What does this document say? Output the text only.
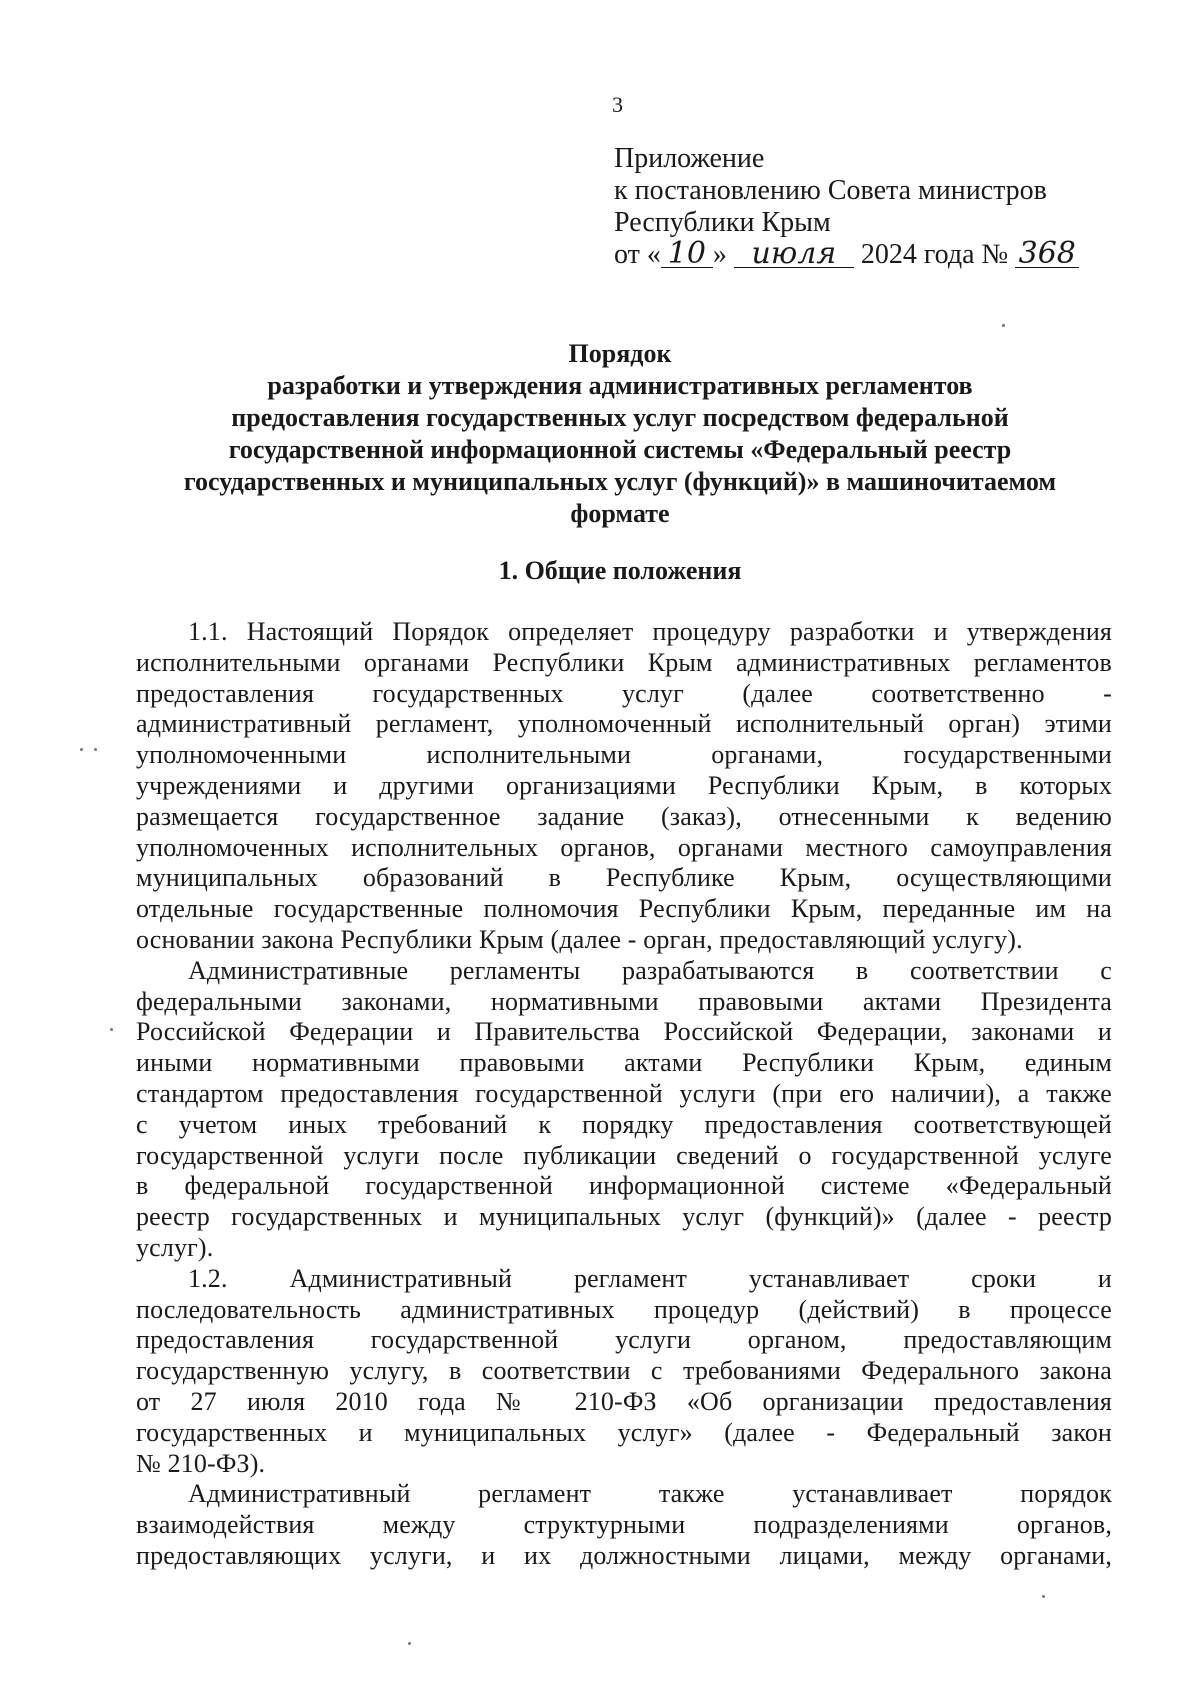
3
Приложение
к постановлению Совета министров
Республики Крым
от « 10 » июля 2024 года № 368
Порядок
разработки и утверждения административных регламентов
предоставления государственных услуг посредством федеральной
государственной информационной системы «Федеральный реестр
государственных и муниципальных услуг (функций)» в машиночитаемом
формате
1. Общие положения
1.1. Настоящий Порядок определяет процедуру разработки и утверждения
исполнительными органами Республики Крым административных регламентов
предоставления государственных услуг (далее соответственно -
административный регламент, уполномоченный исполнительный орган) этими
уполномоченными исполнительными органами, государственными
учреждениями и другими организациями Республики Крым, в которых
размещается государственное задание (заказ), отнесенными к ведению
уполномоченных исполнительных органов, органами местного самоуправления
муниципальных образований в Республике Крым, осуществляющими
отдельные государственные полномочия Республики Крым, переданные им на
основании закона Республики Крым (далее - орган, предоставляющий услугу).
Административные регламенты разрабатываются в соответствии с
федеральными законами, нормативными правовыми актами Президента
Российской Федерации и Правительства Российской Федерации, законами и
иными нормативными правовыми актами Республики Крым, единым
стандартом предоставления государственной услуги (при его наличии), а также
с учетом иных требований к порядку предоставления соответствующей
государственной услуги после публикации сведений о государственной услуге
в федеральной государственной информационной системе «Федеральный
реестр государственных и муниципальных услуг (функций)» (далее - реестр
услуг).
1.2. Административный регламент устанавливает сроки и
последовательность административных процедур (действий) в процессе
предоставления государственной услуги органом, предоставляющим
государственную услугу, в соответствии с требованиями Федерального закона
от 27 июля 2010 года № 210-ФЗ «Об организации предоставления
государственных и муниципальных услуг» (далее - Федеральный закон
№ 210-ФЗ).
Административный регламент также устанавливает порядок
взаимодействия между структурными подразделениями органов,
предоставляющих услуги, и их должностными лицами, между органами,
